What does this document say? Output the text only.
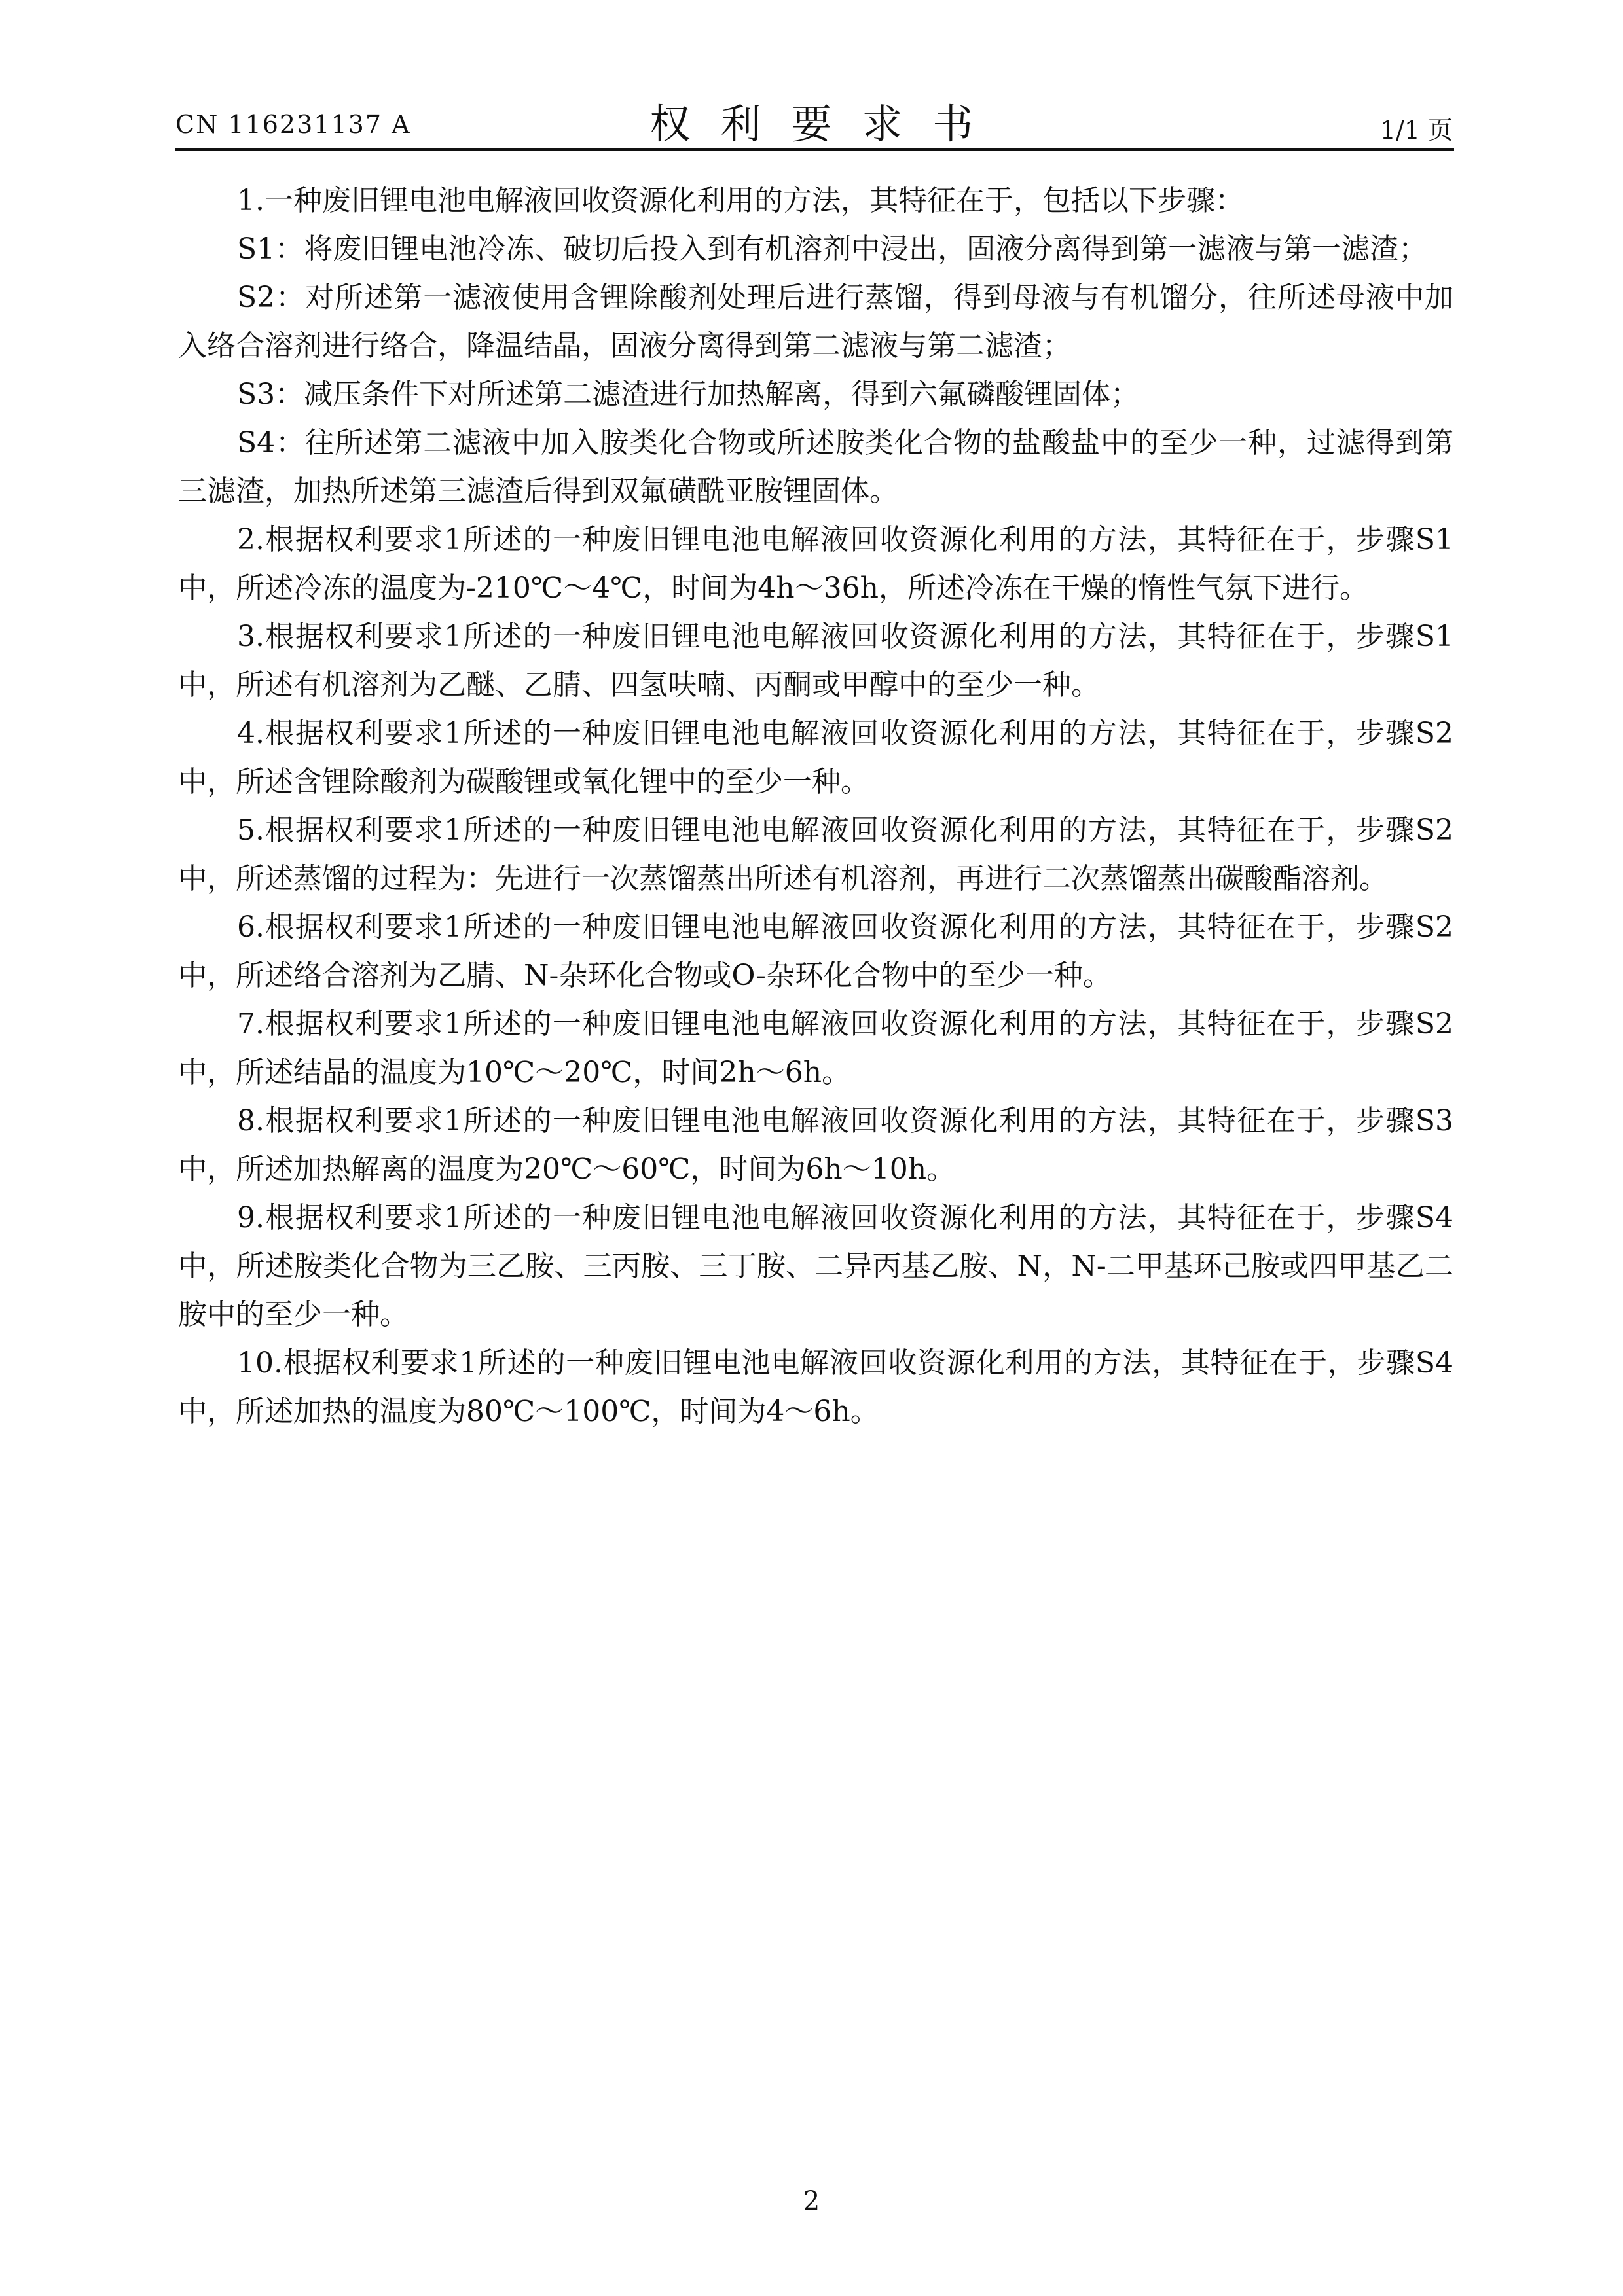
CN 116231137 A	权利要求书	1/1 页

1.一种废旧锂电池电解液回收资源化利用的方法，其特征在于，包括以下步骤：

S1：将废旧锂电池冷冻、破切后投入到有机溶剂中浸出，固液分离得到第一滤液与第一滤渣；

S2：对所述第一滤液使用含锂除酸剂处理后进行蒸馏，得到母液与有机馏分，往所述母液中加入络合溶剂进行络合，降温结晶，固液分离得到第二滤液与第二滤渣；

S3：减压条件下对所述第二滤渣进行加热解离，得到六氟磷酸锂固体；

S4：往所述第二滤液中加入胺类化合物或所述胺类化合物的盐酸盐中的至少一种，过滤得到第三滤渣，加热所述第三滤渣后得到双氟磺酰亚胺锂固体。

2.根据权利要求1所述的一种废旧锂电池电解液回收资源化利用的方法，其特征在于，步骤S1中，所述冷冻的温度为-210℃～4℃，时间为4h～36h，所述冷冻在干燥的惰性气氛下进行。

3.根据权利要求1所述的一种废旧锂电池电解液回收资源化利用的方法，其特征在于，步骤S1中，所述有机溶剂为乙醚、乙腈、四氢呋喃、丙酮或甲醇中的至少一种。

4.根据权利要求1所述的一种废旧锂电池电解液回收资源化利用的方法，其特征在于，步骤S2中，所述含锂除酸剂为碳酸锂或氧化锂中的至少一种。

5.根据权利要求1所述的一种废旧锂电池电解液回收资源化利用的方法，其特征在于，步骤S2中，所述蒸馏的过程为：先进行一次蒸馏蒸出所述有机溶剂，再进行二次蒸馏蒸出碳酸酯溶剂。

6.根据权利要求1所述的一种废旧锂电池电解液回收资源化利用的方法，其特征在于，步骤S2中，所述络合溶剂为乙腈、N-杂环化合物或O-杂环化合物中的至少一种。

7.根据权利要求1所述的一种废旧锂电池电解液回收资源化利用的方法，其特征在于，步骤S2中，所述结晶的温度为10℃～20℃，时间2h～6h。

8.根据权利要求1所述的一种废旧锂电池电解液回收资源化利用的方法，其特征在于，步骤S3中，所述加热解离的温度为20℃～60℃，时间为6h～10h。

9.根据权利要求1所述的一种废旧锂电池电解液回收资源化利用的方法，其特征在于，步骤S4中，所述胺类化合物为三乙胺、三丙胺、三丁胺、二异丙基乙胺、N，N-二甲基环己胺或四甲基乙二胺中的至少一种。

10.根据权利要求1所述的一种废旧锂电池电解液回收资源化利用的方法，其特征在于，步骤S4中，所述加热的温度为80℃～100℃，时间为4～6h。

2
